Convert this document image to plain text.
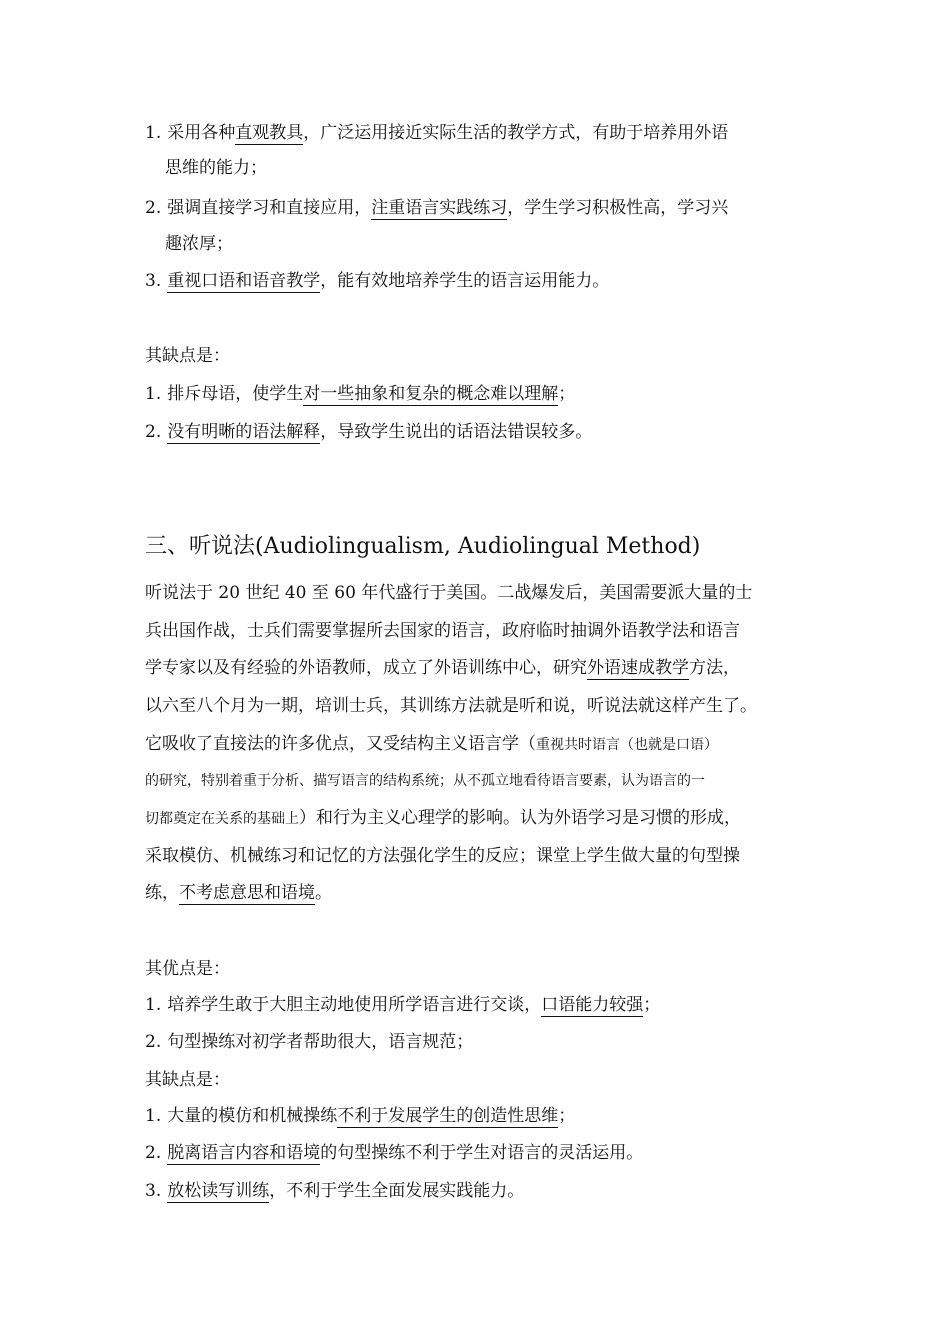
1. 采用各种直观教具，广泛运用接近实际生活的教学方式，有助于培养用外语
思维的能力；
2. 强调直接学习和直接应用，注重语言实践练习，学生学习积极性高，学习兴
趣浓厚；
3. 重视口语和语音教学，能有效地培养学生的语言运用能力。
其缺点是：
1. 排斥母语，使学生对一些抽象和复杂的概念难以理解；
2. 没有明晰的语法解释，导致学生说出的话语法错误较多。
三、听说法(Audiolingualism, Audiolingual Method)
听说法于 20 世纪 40 至 60 年代盛行于美国。二战爆发后，美国需要派大量的士
兵出国作战，士兵们需要掌握所去国家的语言，政府临时抽调外语教学法和语言
学专家以及有经验的外语教师，成立了外语训练中心，研究外语速成教学方法，
以六至八个月为一期，培训士兵，其训练方法就是听和说，听说法就这样产生了。
它吸收了直接法的许多优点，又受结构主义语言学（重视共时语言（也就是口语）
的研究，特别着重于分析、描写语言的结构系统；从不孤立地看待语言要素，认为语言的一
切都奠定在关系的基础上）和行为主义心理学的影响。认为外语学习是习惯的形成，
采取模仿、机械练习和记忆的方法强化学生的反应；课堂上学生做大量的句型操
练，不考虑意思和语境。
其优点是：
1. 培养学生敢于大胆主动地使用所学语言进行交谈，口语能力较强；
2. 句型操练对初学者帮助很大，语言规范；
其缺点是：
1. 大量的模仿和机械操练不利于发展学生的创造性思维；
2. 脱离语言内容和语境的句型操练不利于学生对语言的灵活运用。
3. 放松读写训练，不利于学生全面发展实践能力。
